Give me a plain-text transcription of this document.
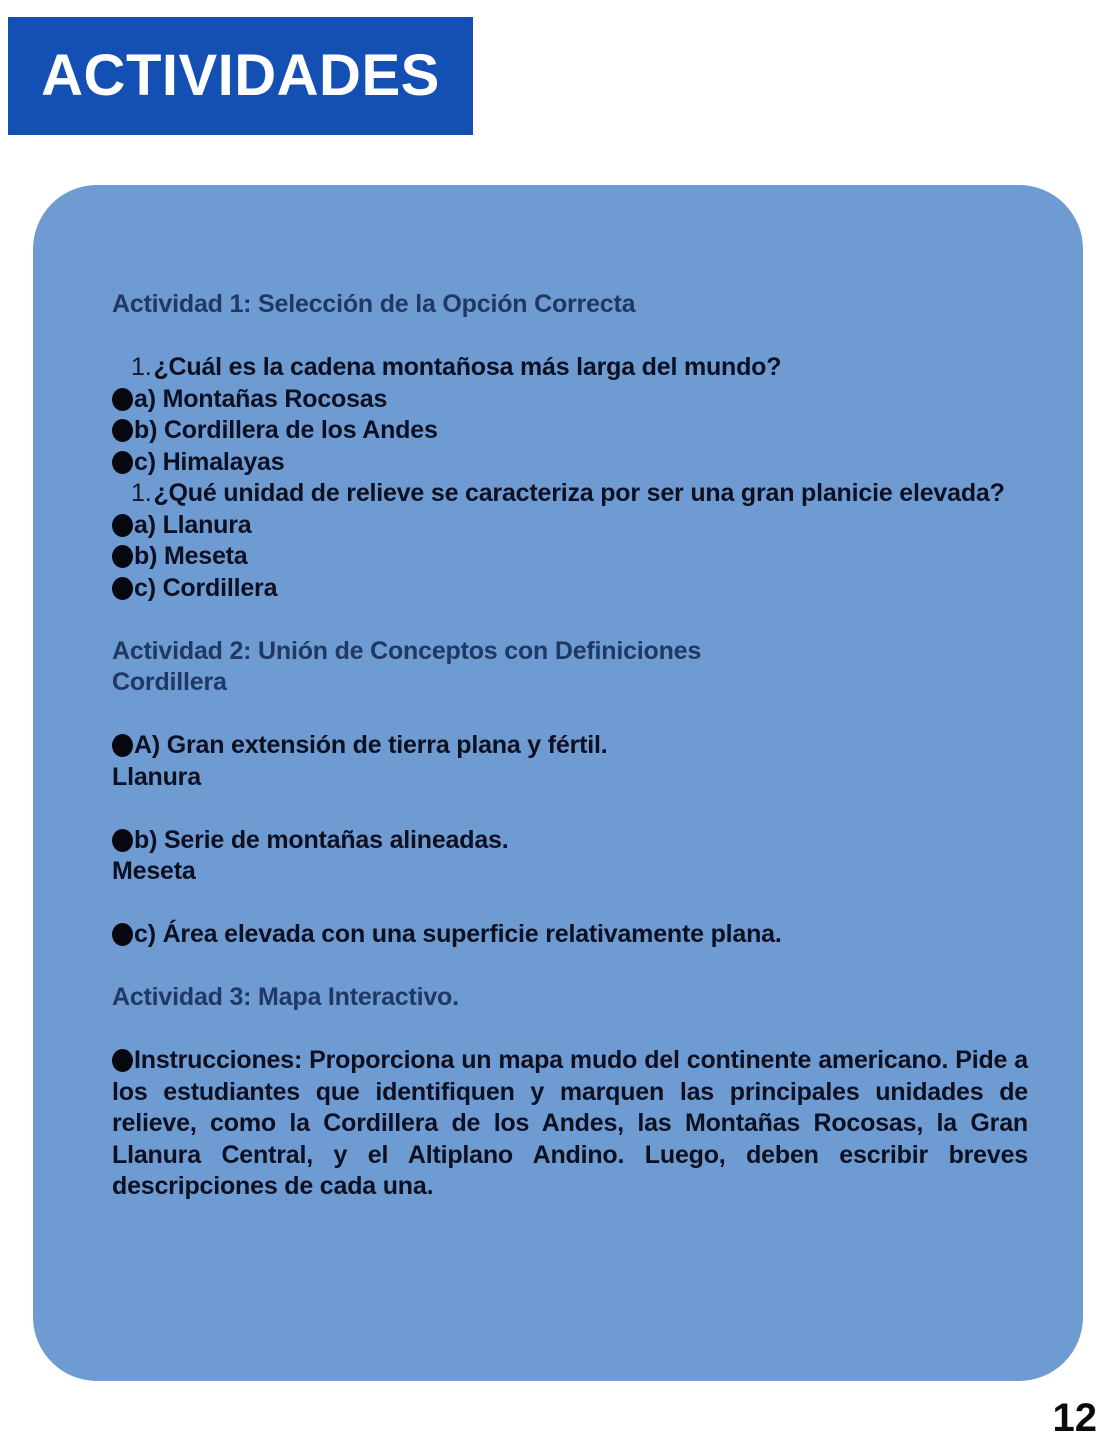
ACTIVIDADES
Actividad 1: Selección de la Opción Correcta
1.¿Cuál es la cadena montañosa más larga del mundo?
a) Montañas Rocosas
b) Cordillera de los Andes
c) Himalayas
1.¿Qué unidad de relieve se caracteriza por ser una gran planicie elevada?
a) Llanura
b) Meseta
c) Cordillera
Actividad 2: Unión de Conceptos con Definiciones
Cordillera
A) Gran extensión de tierra plana y fértil.
Llanura
b) Serie de montañas alineadas.
Meseta
c) Área elevada con una superficie relativamente plana.
Actividad 3: Mapa Interactivo.
Instrucciones: Proporciona un mapa mudo del continente americano. Pide a los estudiantes que identifiquen y marquen las principales unidades de relieve, como la Cordillera de los Andes, las Montañas Rocosas, la Gran Llanura Central, y el Altiplano Andino. Luego, deben escribir breves descripciones de cada una.
12
